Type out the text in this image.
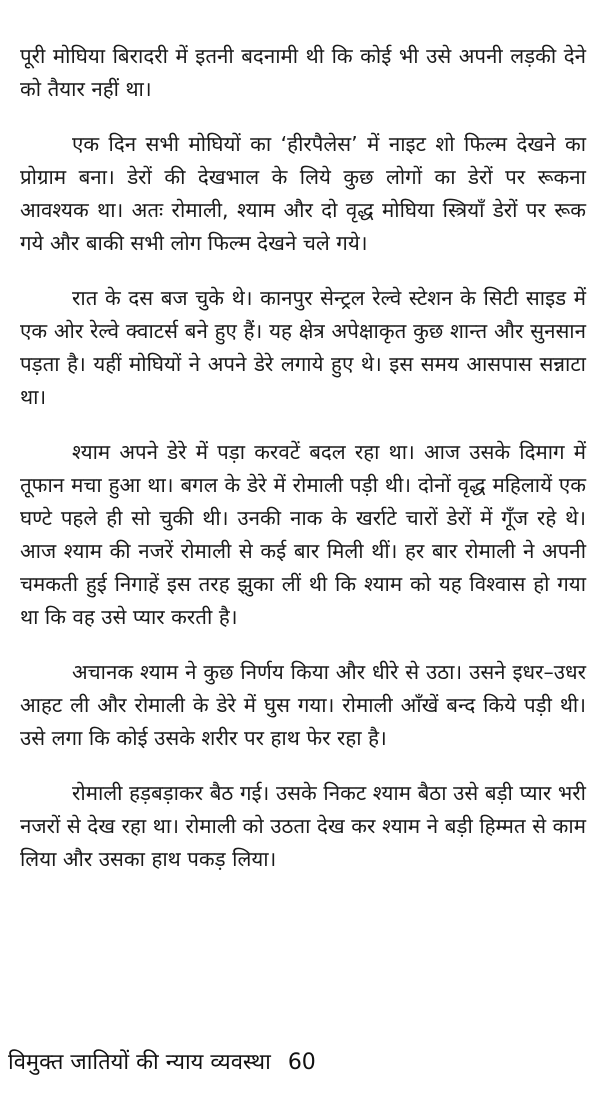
पूरी मोघिया बिरादरी में इतनी बदनामी थी कि कोई भी उसे अपनी लड़की देने को तैयार नहीं था।

एक दिन सभी मोघियों का ‘हीरपैलेस’ में नाइट शो फिल्म देखने का प्रोग्राम बना। डेरों की देखभाल के लिये कुछ लोगों का डेरों पर रूकना आवश्यक था। अतः रोमाली, श्याम और दो वृद्ध मोघिया स्त्रियाँ डेरों पर रूक गये और बाकी सभी लोग फिल्म देखने चले गये।

रात के दस बज चुके थे। कानपुर सेन्ट्रल रेल्वे स्टेशन के सिटी साइड में एक ओर रेल्वे क्वाटर्स बने हुए हैं। यह क्षेत्र अपेक्षाकृत कुछ शान्त और सुनसान पड़ता है। यहीं मोघियों ने अपने डेरे लगाये हुए थे। इस समय आसपास सन्नाटा था।

श्याम अपने डेरे में पड़ा करवटें बदल रहा था। आज उसके दिमाग में तूफान मचा हुआ था। बगल के डेरे में रोमाली पड़ी थी। दोनों वृद्ध महिलायें एक घण्टे पहले ही सो चुकी थी। उनकी नाक के खर्राटे चारों डेरों में गूँज रहे थे। आज श्याम की नजरें रोमाली से कई बार मिली थीं। हर बार रोमाली ने अपनी चमकती हुई निगाहें इस तरह झुका लीं थी कि श्याम को यह विश्वास हो गया था कि वह उसे प्यार करती है।

अचानक श्याम ने कुछ निर्णय किया और धीरे से उठा। उसने इधर–उधर आहट ली और रोमाली के डेरे में घुस गया। रोमाली आँखें बन्द किये पड़ी थी। उसे लगा कि कोई उसके शरीर पर हाथ फेर रहा है।

रोमाली हड़बड़ाकर बैठ गई। उसके निकट श्याम बैठा उसे बड़ी प्यार भरी नजरों से देख रहा था। रोमाली को उठता देख कर श्याम ने बड़ी हिम्मत से काम लिया और उसका हाथ पकड़ लिया।

विमुक्त जातियों की न्याय व्यवस्था 60
